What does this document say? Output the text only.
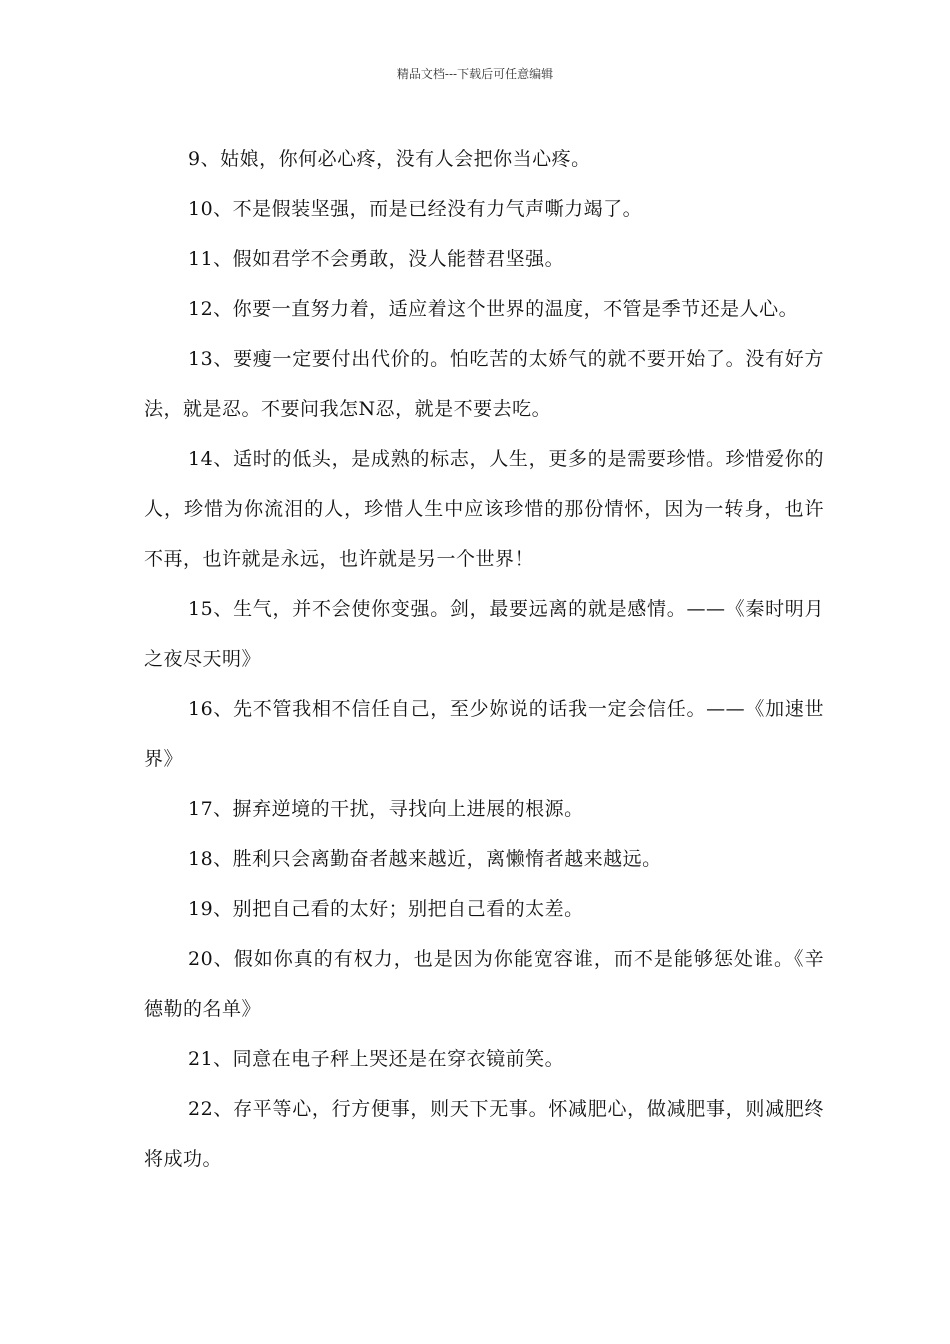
精品文档---下载后可任意编辑

9、姑娘，你何必心疼，没有人会把你当心疼。

10、不是假装坚强，而是已经没有力气声嘶力竭了。

11、假如君学不会勇敢，没人能替君坚强。

12、你要一直努力着，适应着这个世界的温度，不管是季节还是人心。

13、要瘦一定要付出代价的。怕吃苦的太娇气的就不要开始了。没有好方法，就是忍。不要问我怎N忍，就是不要去吃。

14、适时的低头，是成熟的标志，人生，更多的是需要珍惜。珍惜爱你的人，珍惜为你流泪的人，珍惜人生中应该珍惜的那份情怀，因为一转身，也许不再，也许就是永远，也许就是另一个世界！

15、生气，并不会使你变强。剑，最要远离的就是感情。——《秦时明月之夜尽天明》

16、先不管我相不信任自己，至少妳说的话我一定会信任。——《加速世界》

17、摒弃逆境的干扰，寻找向上进展的根源。

18、胜利只会离勤奋者越来越近，离懒惰者越来越远。

19、别把自己看的太好；别把自己看的太差。

20、假如你真的有权力，也是因为你能宽容谁，而不是能够惩处谁。《辛德勒的名单》

21、同意在电子秤上哭还是在穿衣镜前笑。

22、存平等心，行方便事，则天下无事。怀减肥心，做减肥事，则减肥终将成功。
